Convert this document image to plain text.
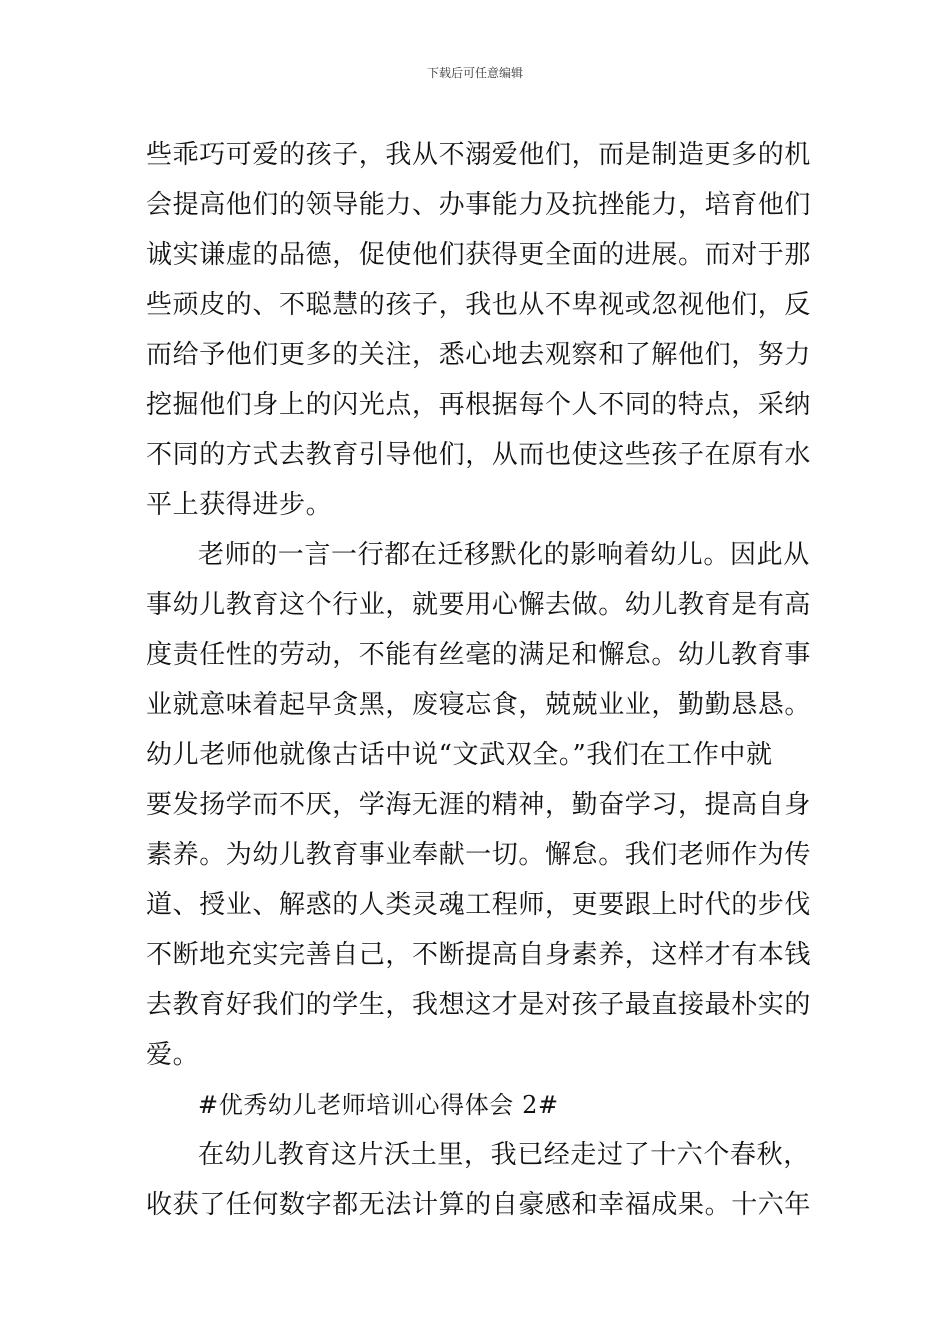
下载后可任意编辑
些乖巧可爱的孩子，我从不溺爱他们，而是制造更多的机
会提高他们的领导能力、办事能力及抗挫能力，培育他们
诚实谦虚的品德，促使他们获得更全面的进展。而对于那
些顽皮的、不聪慧的孩子，我也从不卑视或忽视他们，反
而给予他们更多的关注，悉心地去观察和了解他们，努力
挖掘他们身上的闪光点，再根据每个人不同的特点，采纳
不同的方式去教育引导他们，从而也使这些孩子在原有水
平上获得进步。
老师的一言一行都在迁移默化的影响着幼儿。因此从
事幼儿教育这个行业，就要用心懈去做。幼儿教育是有高
度责任性的劳动，不能有丝毫的满足和懈怠。幼儿教育事
业就意味着起早贪黑，废寝忘食，兢兢业业，勤勤恳恳。
幼儿老师他就像古话中说“文武双全。”我们在工作中就
要发扬学而不厌，学海无涯的精神，勤奋学习，提高自身
素养。为幼儿教育事业奉献一切。懈怠。我们老师作为传
道、授业、解惑的人类灵魂工程师，更要跟上时代的步伐
不断地充实完善自己，不断提高自身素养，这样才有本钱
去教育好我们的学生，我想这才是对孩子最直接最朴实的
爱。
#优秀幼儿老师培训心得体会 2#
在幼儿教育这片沃土里，我已经走过了十六个春秋，
收获了任何数字都无法计算的自豪感和幸福成果。十六年
